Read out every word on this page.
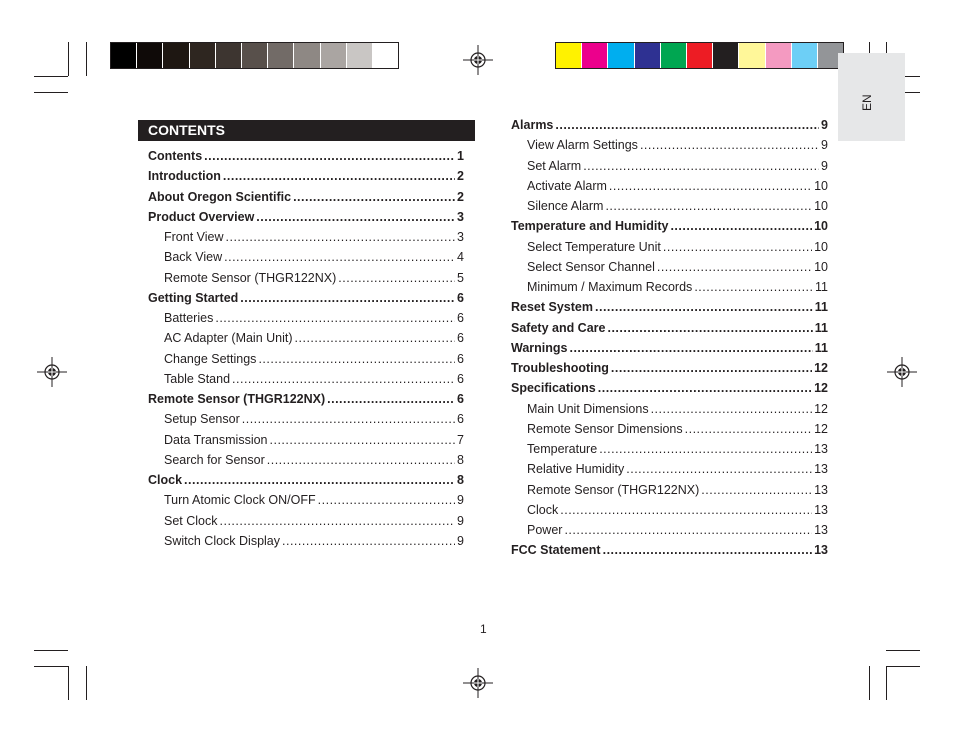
EN
CONTENTS
Contents .....	1
Introduction .....	2
About Oregon Scientific .....	2
Product Overview .....	3
Front View .....	3
Back View .....	4
Remote Sensor (THGR122NX) .....	5
Getting Started .....	6
Batteries .....	6
AC Adapter (Main Unit) .....	6
Change Settings .....	6
Table Stand .....	6
Remote Sensor (THGR122NX) .....	6
Setup Sensor .....	6
Data Transmission .....	7
Search for Sensor .....	8
Clock .....	8
Turn Atomic Clock ON/OFF .....	9
Set Clock .....	9
Switch Clock Display .....	9
Alarms .....	9
View Alarm Settings .....	9
Set Alarm .....	9
Activate Alarm .....	10
Silence Alarm .....	10
Temperature and Humidity .....	10
Select Temperature Unit .....	10
Select Sensor Channel .....	10
Minimum / Maximum Records .....	11
Reset System .....	11
Safety and Care .....	11
Warnings .....	11
Troubleshooting .....	12
Specifications .....	12
Main Unit Dimensions .....	12
Remote Sensor Dimensions .....	12
Temperature .....	13
Relative Humidity .....	13
Remote Sensor (THGR122NX) .....	13
Clock .....	13
Power .....	13
FCC Statement .....	13
1
